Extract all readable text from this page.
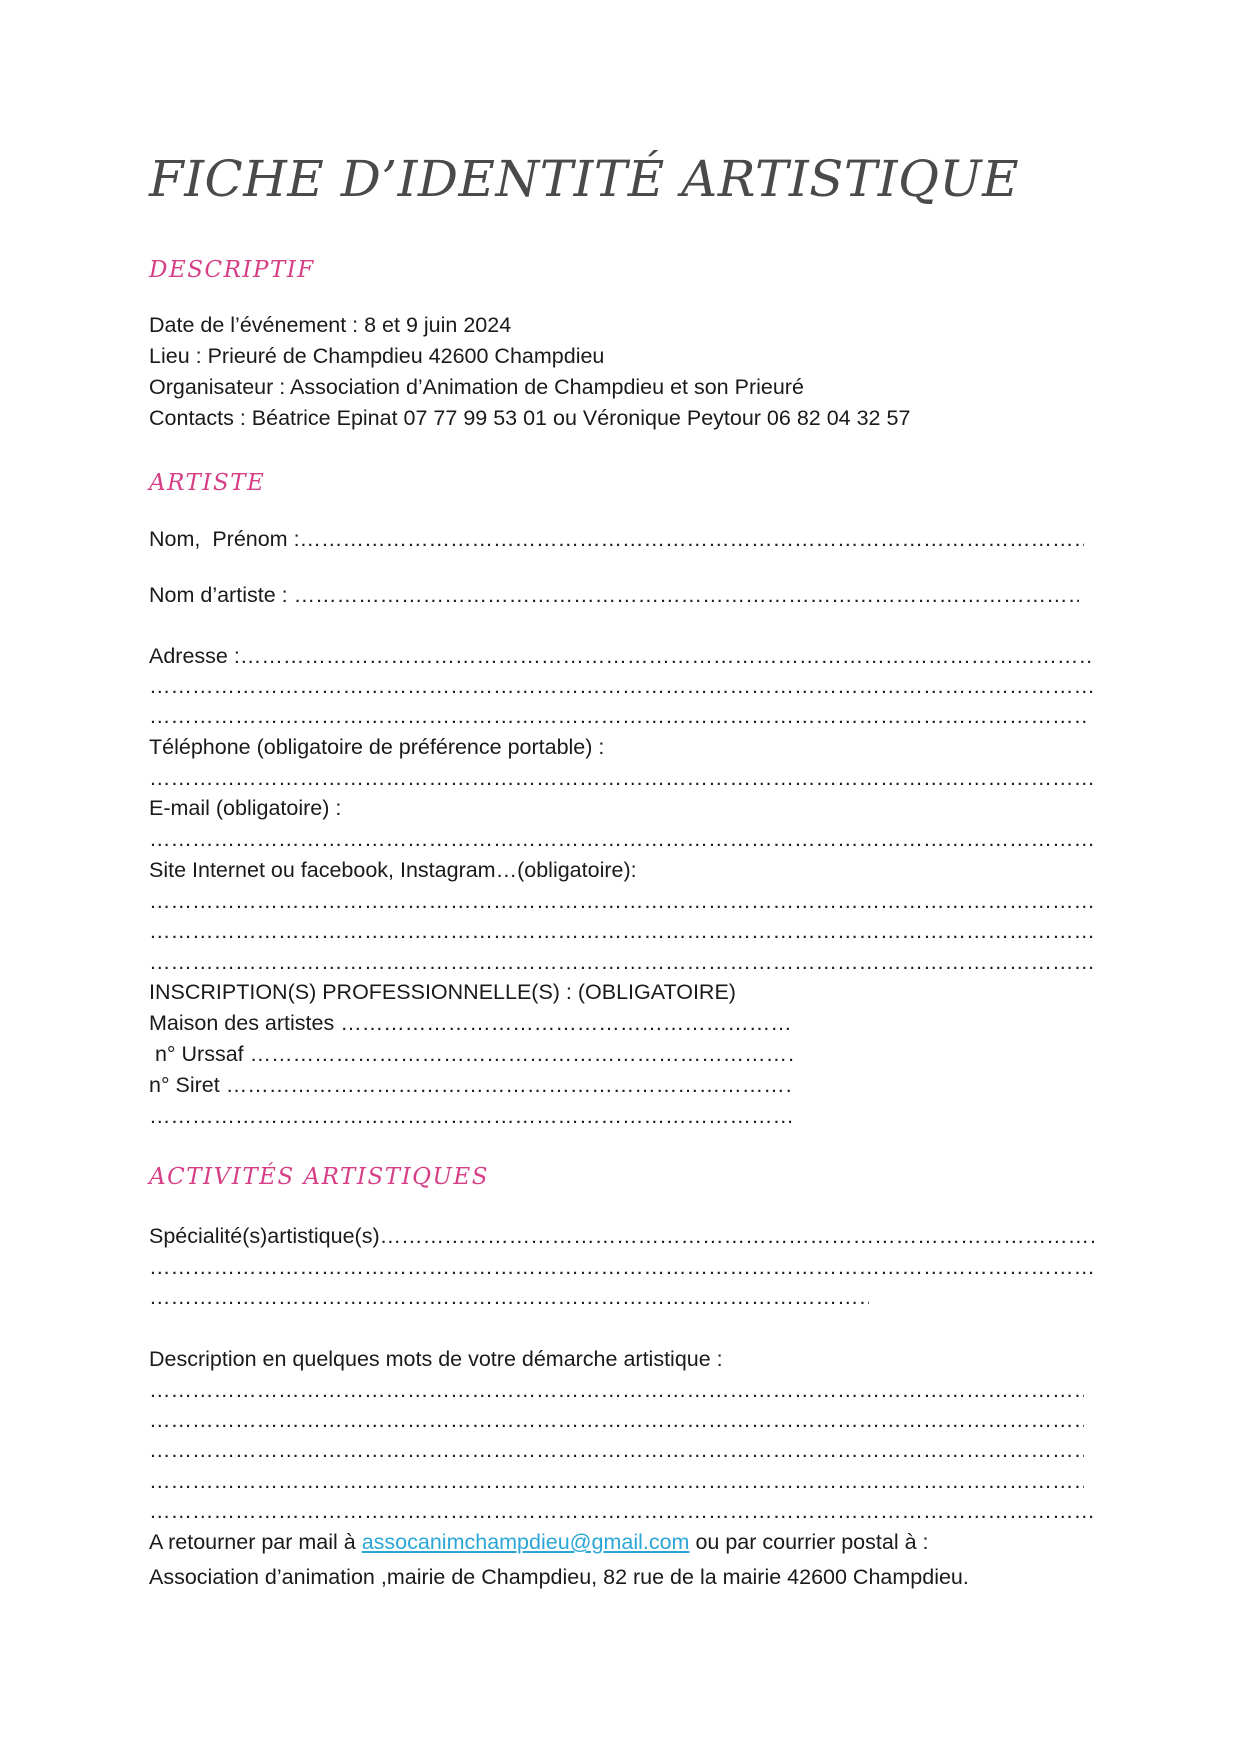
FICHE D’IDENTITÉ ARTISTIQUE
DESCRIPTIF
Date de l’événement : 8 et 9 juin 2024
Lieu : Prieuré de Champdieu 42600 Champdieu
Organisateur : Association d’Animation de Champdieu et son Prieuré
Contacts : Béatrice Epinat 07 77 99 53 01 ou Véronique Peytour 06 82 04 32 57
ARTISTE
Nom,  Prénom :
……………………………………………………………………………………………………………………………………………………………………………………………………………………………………………………………………………
Nom d’artiste :
……………………………………………………………………………………………………………………………………………………………………………………………………………………………………………………………………………
Adresse :
……………………………………………………………………………………………………………………………………………………………………………………………………………………………………………………………………………
……………………………………………………………………………………………………………………………………………………………………………………………………………………………………………………………………………
……………………………………………………………………………………………………………………………………………………………………………………………………………………………………………………………………………
Téléphone (obligatoire de préférence portable) :
……………………………………………………………………………………………………………………………………………………………………………………………………………………………………………………………………………
E-mail (obligatoire) :
……………………………………………………………………………………………………………………………………………………………………………………………………………………………………………………………………………
Site Internet ou facebook, Instagram…(obligatoire):
……………………………………………………………………………………………………………………………………………………………………………………………………………………………………………………………………………
……………………………………………………………………………………………………………………………………………………………………………………………………………………………………………………………………………
……………………………………………………………………………………………………………………………………………………………………………………………………………………………………………………………………………
INSCRIPTION(S) PROFESSIONNELLE(S) : (OBLIGATOIRE)
Maison des artistes
……………………………………………………………………………………………………………………………………………………………………………………………………………………………………………………………………………
n° Urssaf
……………………………………………………………………………………………………………………………………………………………………………………………………………………………………………………………………………
n° Siret
……………………………………………………………………………………………………………………………………………………………………………………………………………………………………………………………………………
……………………………………………………………………………………………………………………………………………………………………………………………………………………………………………………………………………
ACTIVITÉS ARTISTIQUES
Spécialité(s)artistique(s)
……………………………………………………………………………………………………………………………………………………………………………………………………………………………………………………………………………
……………………………………………………………………………………………………………………………………………………………………………………………………………………………………………………………………………
……………………………………………………………………………………………………………………………………………………………………………………………………………………………………………………………………………
Description en quelques mots de votre démarche artistique :
……………………………………………………………………………………………………………………………………………………………………………………………………………………………………………………………………………
……………………………………………………………………………………………………………………………………………………………………………………………………………………………………………………………………………
……………………………………………………………………………………………………………………………………………………………………………………………………………………………………………………………………………
……………………………………………………………………………………………………………………………………………………………………………………………………………………………………………………………………………
……………………………………………………………………………………………………………………………………………………………………………………………………………………………………………………………………………
A retourner par mail à assocanimchampdieu@gmail.com ou par courrier postal à :
Association d’animation ,mairie de Champdieu, 82 rue de la mairie 42600 Champdieu.
